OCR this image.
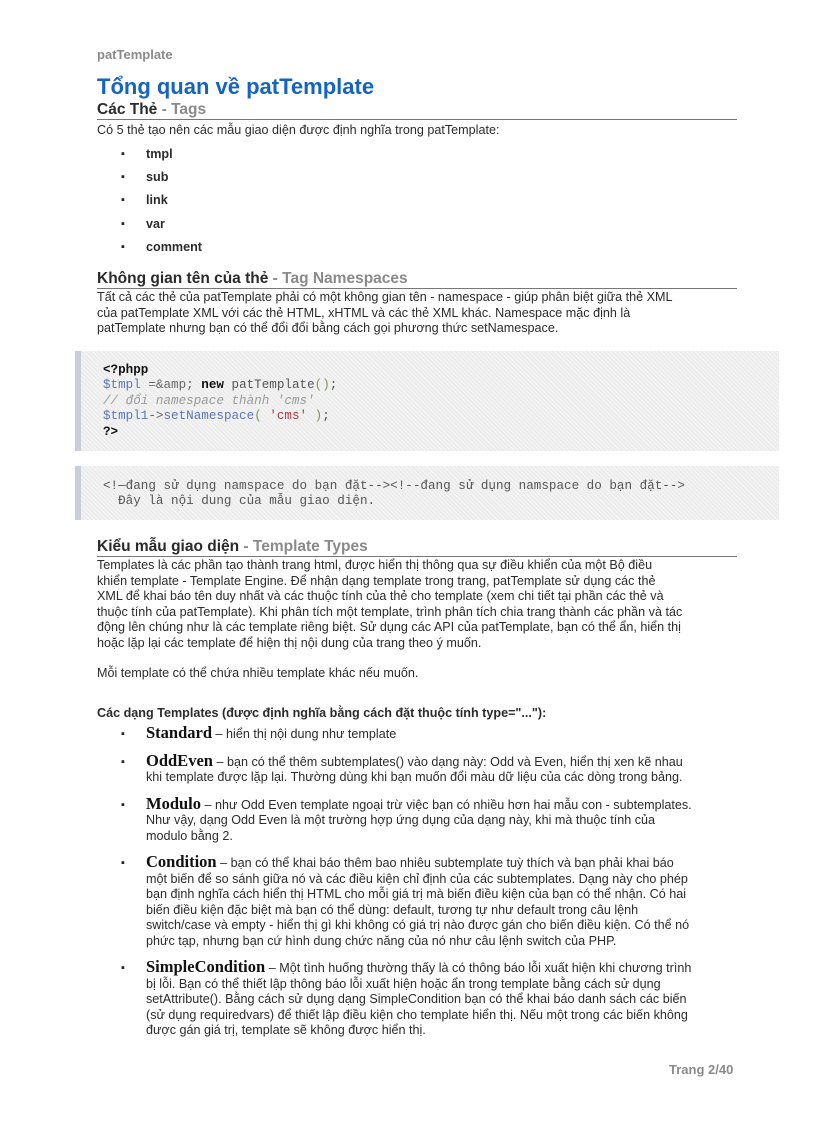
patTemplate
Tổng quan về patTemplate
Các Thẻ - Tags

Có 5 thẻ tạo nên các mẫu giao diện được định nghĩa trong patTemplate:

▪ tmpl
▪ sub
▪ link
▪ var
▪ comment
Không gian tên của thẻ - Tag Namespaces
Tất cả các thẻ của patTemplate phải có một không gian tên - namespace - giúp phân biệt giữa thẻ XML
của patTemplate XML với các thẻ HTML, xHTML và các thẻ XML khác. Namespace mặc định là
patTemplate nhưng bạn có thể đổi đổi bằng cách gọi phương thức setNamespace.
<?phpp
$tmpl =&amp; new patTemplate();
// đổi namespace thành 'cms'
$tmpl1->setNamespace( 'cms' );
?>
<!—đang sử dụng namspace do bạn đặt--><!--đang sử dụng namspace do bạn đặt-->
Đây là nội dung của mẫu giao diện.
Kiểu mẫu giao diện - Template Types
Templates là các phần tạo thành trang html, được hiển thị thông qua sự điều khiển của một Bộ điều
khiển template - Template Engine. Để nhận dạng template trong trang, patTemplate sử dụng các thẻ
XML để khai báo tên duy nhất và các thuộc tính của thẻ cho template (xem chi tiết tại phần các thẻ và
thuộc tính của patTemplate). Khi phân tích một template, trình phân tích chia trang thành các phần và tác
động lên chúng như là các template riêng biệt. Sử dụng các API của patTemplate, bạn có thể ẩn, hiển thị
hoặc lặp lại các template để hiện thị nội dung của trang theo ý muốn.

Mỗi template có thể chứa nhiều template khác nếu muốn.

Các dạng Templates (được định nghĩa bằng cách đặt thuộc tính type="..."):

▪ Standard – hiển thị nội dung như template
▪ OddEven – bạn có thể thêm subtemplates() vào dạng này: Odd và Even, hiển thị xen kẽ nhau
khi template được lặp lại. Thường dùng khi bạn muốn đổi màu dữ liệu của các dòng trong bảng.
▪ Modulo – như Odd Even template ngoại trừ việc bạn có nhiều hơn hai mẫu con - subtemplates.
Như vậy, dạng Odd Even là một trường hợp ứng dụng của dạng này, khi mà thuộc tính của
modulo bằng 2.
▪ Condition – bạn có thể khai báo thêm bao nhiêu subtemplate tuỳ thích và bạn phải khai báo
một biến để so sánh giữa nó và các điều kiện chỉ định của các subtemplates. Dạng này cho phép
bạn định nghĩa cách hiển thị HTML cho mỗi giá trị mà biến điều kiện của bạn có thể nhận. Có hai
biến điều kiện đặc biệt mà bạn có thể dùng: default, tương tự như default trong câu lệnh
switch/case và empty - hiển thị gì khi không có giá trị nào được gán cho biến điều kiện. Có thể nó
phức tạp, nhưng bạn cứ hình dung chức năng của nó như câu lệnh switch của PHP.
▪ SimpleCondition – Một tình huống thường thấy là có thông báo lỗi xuất hiện khi chương trình
bị lỗi. Bạn có thể thiết lập thông báo lỗi xuất hiện hoặc ẩn trong template bằng cách sử dụng
setAttribute(). Bằng cách sử dụng dạng SimpleCondition bạn có thể khai báo danh sách các biến
(sử dụng requiredvars) để thiết lập điều kiện cho template hiển thị. Nếu một trong các biến không
được gán giá trị, template sẽ không được hiển thị.
Trang 2/40
